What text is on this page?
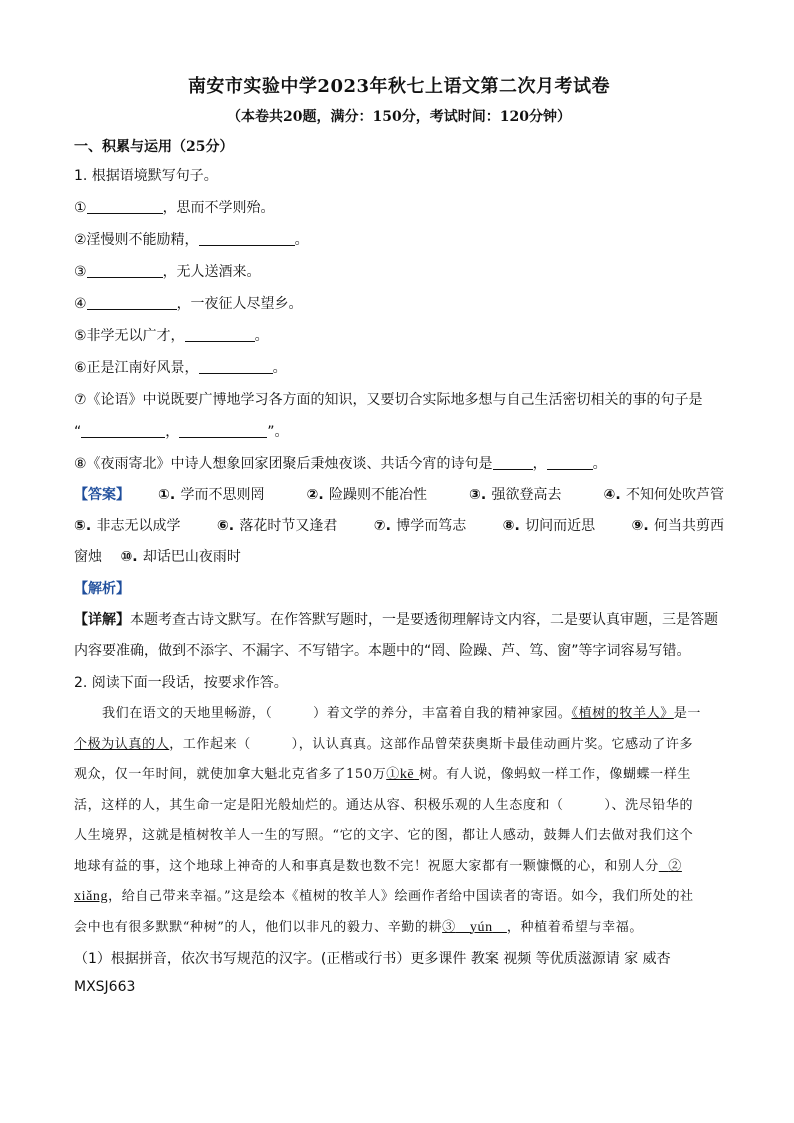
南安市实验中学2023年秋七上语文第二次月考试卷

（本卷共20题，满分：150分，考试时间：120分钟）

一、积累与运用（25分）

1. 根据语境默写句子。

①	，思而不学则殆。

②淫慢则不能励精，	。

③	，无人送酒来。

④	，一夜征人尽望乡。

⑤非学无以广才，	。

⑥正是江南好风景，	。

⑦《论语》中说既要广博地学习各方面的知识，又要切合实际地多想与自己生活密切相关的事的句子是

“	，	”。

⑧《夜雨寄北》中诗人想象回家团聚后秉烛夜谈、共话今宵的诗句是	，	。

【答案】 ①. 学而不思则罔	②. 险躁则不能冶性	③. 强欲登高去	④. 不知何处吹芦管
⑤. 非志无以成学	⑥. 落花时节又逢君	⑦. 博学而笃志	⑧. 切问而近思	⑨. 何当共剪西
窗烛 ⑩. 却话巴山夜雨时

【解析】

【详解】本题考查古诗文默写。在作答默写题时，一是要透彻理解诗文内容，二是要认真审题，三是答题内容要准确，做到不添字、不漏字、不写错字。本题中的“罔、险躁、芦、笃、窗”等字词容易写错。

2. 阅读下面一段话，按要求作答。

我们在语文的天地里畅游，（　　　）着文学的养分，丰富着自我的精神家园。《植树的牧羊人》是一

个极为认真的人，工作起来（　　　），认认真真。这部作品曾荣获奥斯卡最佳动画片奖。它感动了许多

观众，仅一年时间，就使加拿大魁北克省多了150万①kē 树。有人说，像蚂蚁一样工作，像蝴蝶一样生

活，这样的人，其生命一定是阳光般灿烂的。通达从容、积极乐观的人生态度和（　　　）、洗尽铅华的

人生境界，这就是植树牧羊人一生的写照。“它的文字、它的图，都让人感动，鼓舞人们去做对我们这个

地球有益的事，这个地球上神奇的人和事真是数也数不完！祝愿大家都有一颗慷慨的心，和别人分 ②

xiǎng，给自己带来幸福。”这是绘本《植树的牧羊人》绘画作者给中国读者的寄语。如今，我们所处的社

会中也有很多默默“种树”的人，他们以非凡的毅力、辛勤的耕③ yún ，种植着希望与幸福。

（1）根据拼音，依次书写规范的汉字。(正楷或行书）更多课件 教案 视频 等优质滋源请 家 威杏

MXSJ663
